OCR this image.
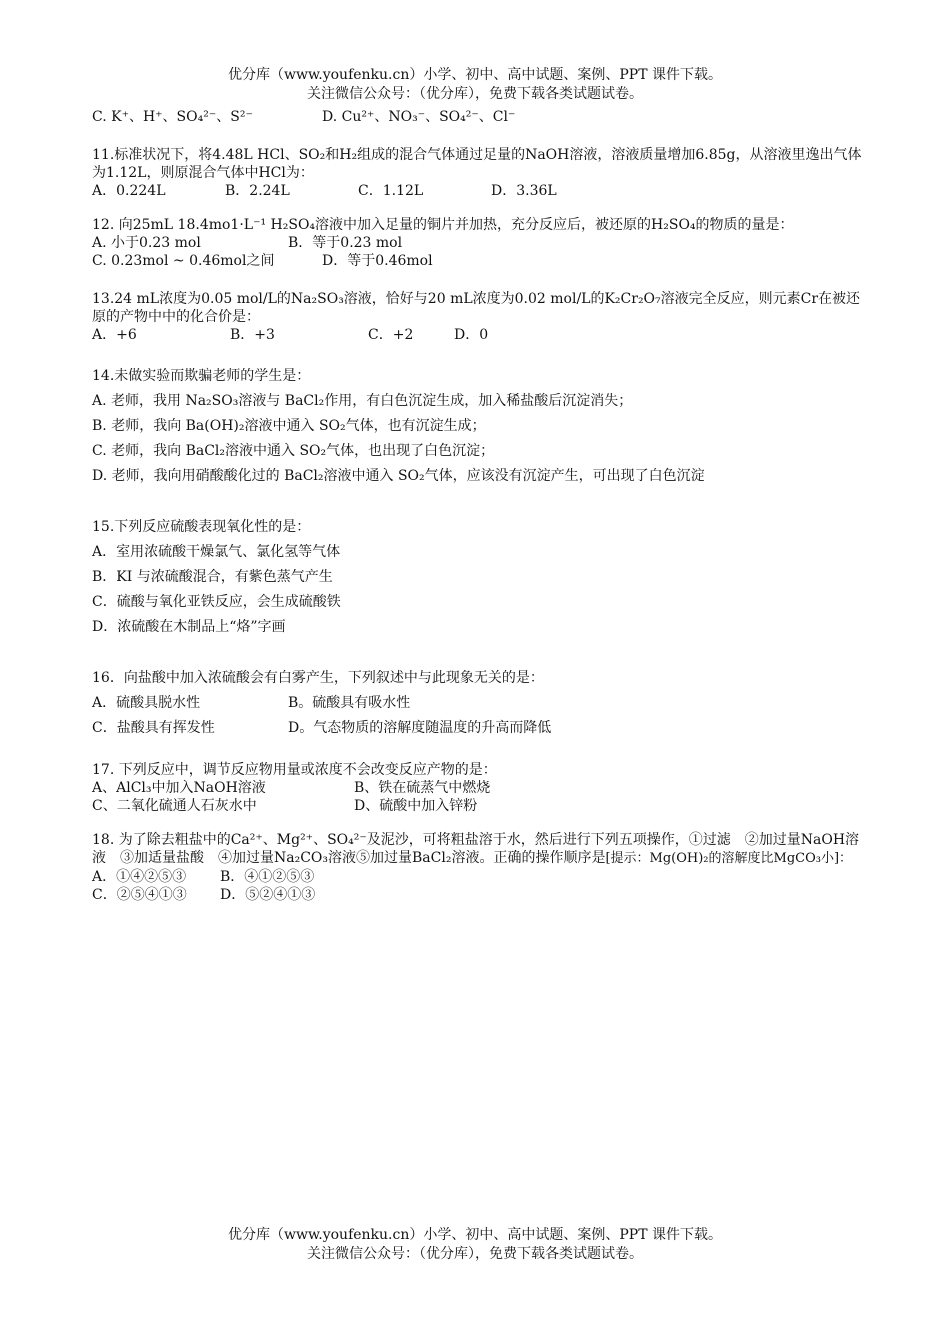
优分库（www.youfenku.cn）小学、初中、高中试题、案例、PPT 课件下载。
关注微信公众号：（优分库），免费下载各类试题试卷。
C. K⁺、H⁺、SO₄²⁻、S²⁻	D. Cu²⁺、NO₃⁻、SO₄²⁻、Cl⁻
11.标准状况下，将4.48L HCl、SO₂和H₂组成的混合气体通过足量的NaOH溶液，溶液质量增加6.85g，从溶液里逸出气体为1.12L，则原混合气体中HCl为：
A．0.224L	B．2.24L	C．1.12L	D．3.36L
12. 向25mL 18.4mo1·L⁻¹ H₂SO₄溶液中加入足量的铜片并加热，充分反应后，被还原的H₂SO₄的物质的量是：
A. 小于0.23 mol	B．等于0.23 mol
C. 0.23mol ~ 0.46mol之间	D．等于0.46mol
13.24 mL浓度为0.05 mol/L的Na₂SO₃溶液，恰好与20 mL浓度为0.02 mol/L的K₂Cr₂O₇溶液完全反应，则元素Cr在被还原的产物中中的化合价是：
A．+6	B．+3	C．+2	D．0
14.未做实验而欺骗老师的学生是：
A. 老师，我用 Na₂SO₃溶液与 BaCl₂作用，有白色沉淀生成，加入稀盐酸后沉淀消失；
B. 老师，我向 Ba(OH)₂溶液中通入 SO₂气体，也有沉淀生成；
C. 老师，我向 BaCl₂溶液中通入 SO₂气体，也出现了白色沉淀；
D. 老师，我向用硝酸酸化过的 BaCl₂溶液中通入 SO₂气体，应该没有沉淀产生，可出现了白色沉淀
15.下列反应硫酸表现氧化性的是：
A．室用浓硫酸干燥氯气、氯化氢等气体
B．KI 与浓硫酸混合，有紫色蒸气产生
C．硫酸与氧化亚铁反应，会生成硫酸铁
D．浓硫酸在木制品上“烙”字画
16．向盐酸中加入浓硫酸会有白雾产生，下列叙述中与此现象无关的是：
A．硫酸具脱水性	B。硫酸具有吸水性
C．盐酸具有挥发性	D。气态物质的溶解度随温度的升高而降低
17. 下列反应中，调节反应物用量或浓度不会改变反应产物的是：
A、AlCl₃中加入NaOH溶液	B、铁在硫蒸气中燃烧
C、二氧化硫通人石灰水中	D、硫酸中加入锌粉
18. 为了除去粗盐中的Ca²⁺、Mg²⁺、SO₄²⁻及泥沙，可将粗盐溶于水，然后进行下列五项操作，①过滤　②加过量NaOH溶液　③加适量盐酸　④加过量Na₂CO₃溶液⑤加过量BaCl₂溶液。正确的操作顺序是[提示：Mg(OH)₂的溶解度比MgCO₃小]：
A．①④②⑤③	B．④①②⑤③
C．②⑤④①③	D．⑤②④①③
优分库（www.youfenku.cn）小学、初中、高中试题、案例、PPT 课件下载。
关注微信公众号：（优分库），免费下载各类试题试卷。
